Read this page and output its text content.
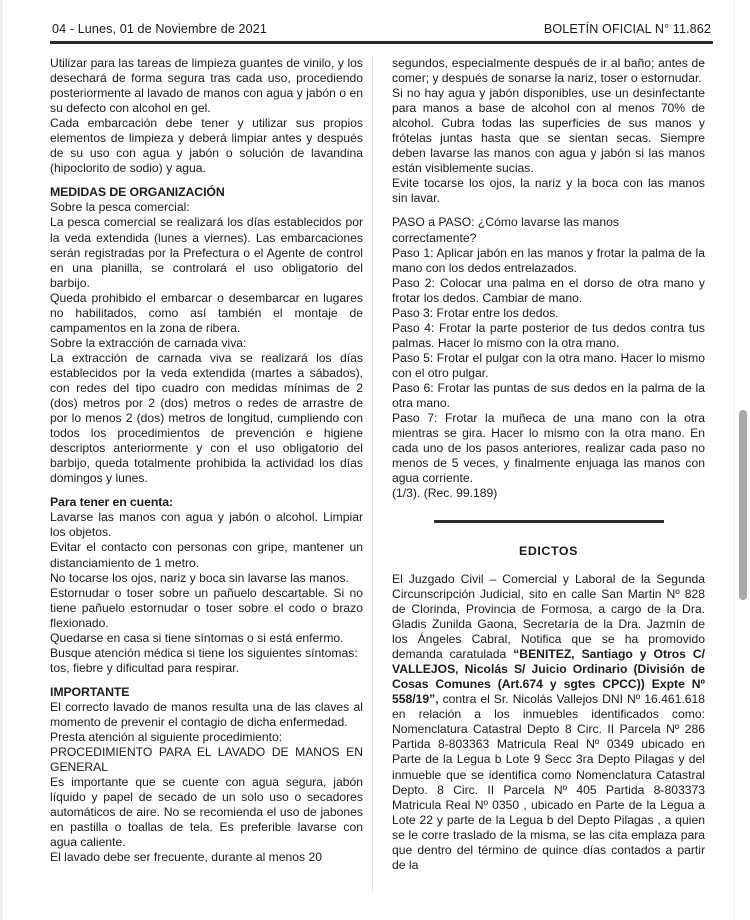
04 - Lunes, 01 de Noviembre de 2021	BOLETÍN OFICIAL N° 11.862

Utilizar para las tareas de limpieza guantes de vinilo, y los desechará de forma segura tras cada uso, procediendo posteriormente al lavado de manos con agua y jabón o en su defecto con alcohol en gel.

Cada embarcación debe tener y utilizar sus propios elementos de limpieza y deberá limpiar antes y después de su uso con agua y jabón o solución de lavandina (hipoclorito de sodio) y agua.

MEDIDAS DE ORGANIZACIÓN

Sobre la pesca comercial:

La pesca comercial se realizará los días establecidos por la veda extendida (lunes a viernes). Las embarcaciones serán registradas por la Prefectura o el Agente de control en una planilla, se controlará el uso obligatorio del barbijo.

Queda prohibido el embarcar o desembarcar en lugares no habilitados, como así también el montaje de campamentos en la zona de ribera.

Sobre la extracción de carnada viva:

La extracción de carnada viva se realizará los días establecidos por la veda extendida (martes a sábados), con redes del tipo cuadro con medidas mínimas de 2 (dos) metros por 2 (dos) metros o redes de arrastre de por lo menos 2 (dos) metros de longitud, cumpliendo con todos los procedimientos de prevención e higiene descriptos anteriormente y con el uso obligatorio del barbijo, queda totalmente prohibida la actividad los días domingos y lunes.

Para tener en cuenta:

Lavarse las manos con agua y jabón o alcohol. Limpiar los objetos.

Evitar el contacto con personas con gripe, mantener un distanciamiento de 1 metro.

No tocarse los ojos, nariz y boca sin lavarse las manos.

Estornudar o toser sobre un pañuelo descartable. Si no tiene pañuelo estornudar o toser sobre el codo o brazo flexionado.

Quedarse en casa si tiene síntomas o si está enfermo.

Busque atención médica si tiene los siguientes síntomas: tos, fiebre y dificultad para respirar.

IMPORTANTE

El correcto lavado de manos resulta una de las claves al momento de prevenir el contagio de dicha enfermedad.

Presta atención al siguiente procedimiento:

PROCEDIMIENTO PARA EL LAVADO DE MANOS EN GENERAL

Es importante que se cuente con agua segura, jabón líquido y papel de secado de un solo uso o secadores automáticos de aire. No se recomienda el uso de jabones en pastilla o toallas de tela. Es preferible lavarse con agua caliente.

El lavado debe ser frecuente, durante al menos 20

segundos, especialmente después de ir al baño; antes de comer; y después de sonarse la nariz, toser o estornudar.

Si no hay agua y jabón disponibles, use un desinfectante para manos a base de alcohol con al menos 70% de alcohol. Cubra todas las superficies de sus manos y frótelas juntas hasta que se sientan secas. Siempre deben lavarse las manos con agua y jabón si las manos están visiblemente sucias.

Evite tocarse los ojos, la nariz y la boca con las manos sin lavar.

PASO a PASO: ¿Cómo lavarse las manos correctamente?

Paso 1: Aplicar jabón en las manos y frotar la palma de la mano con los dedos entrelazados.

Paso 2: Colocar una palma en el dorso de otra mano y frotar los dedos. Cambiar de mano.

Paso 3: Frotar entre los dedos.

Paso 4: Frotar la parte posterior de tus dedos contra tus palmas. Hacer lo mismo con la otra mano.

Paso 5: Frotar el pulgar con la otra mano. Hacer lo mismo con el otro pulgar.

Paso 6: Frotar las puntas de sus dedos en la palma de la otra mano.

Paso 7: Frotar la muñeca de una mano con la otra mientras se gira. Hacer lo mismo con la otra mano. En cada uno de los pasos anteriores, realizar cada paso no menos de 5 veces, y finalmente enjuaga las manos con agua corriente.

(1/3). (Rec. 99.189)

EDICTOS

El Juzgado Civil – Comercial y Laboral de la Segunda Circunscripción Judicial, sito en calle San Martin Nº 828 de Clorinda, Provincia de Formosa, a cargo de la Dra. Gladis Zunilda Gaona, Secretaría de la Dra. Jazmín de los Ángeles Cabral, Notifica que se ha promovido demanda caratulada “BENITEZ, Santiago y Otros C/ VALLEJOS, Nicolás S/ Juicio Ordinario (División de Cosas Comunes (Art.674 y sgtes CPCC)) Expte Nº 558/19”, contra el Sr. Nicolás Vallejos DNI Nº 16.461.618 en relación a los inmuebles identificados como: Nomenclatura Catastral Depto 8 Circ. II Parcela Nº 286 Partida 8-803363 Matricula Real Nº 0349 ubicado en Parte de la Legua b Lote 9 Secc 3ra Depto Pilagas y del inmueble que se identifica como Nomenclatura Catastral Depto. 8 Circ. II Parcela Nº 405 Partida 8-803373 Matricula Real Nº 0350 , ubicado en Parte de la Legua a Lote 22 y parte de la Legua b del Depto Pilagas , a quien se le corre traslado de la misma, se las cita emplaza para que dentro del término de quince días contados a partir de la
